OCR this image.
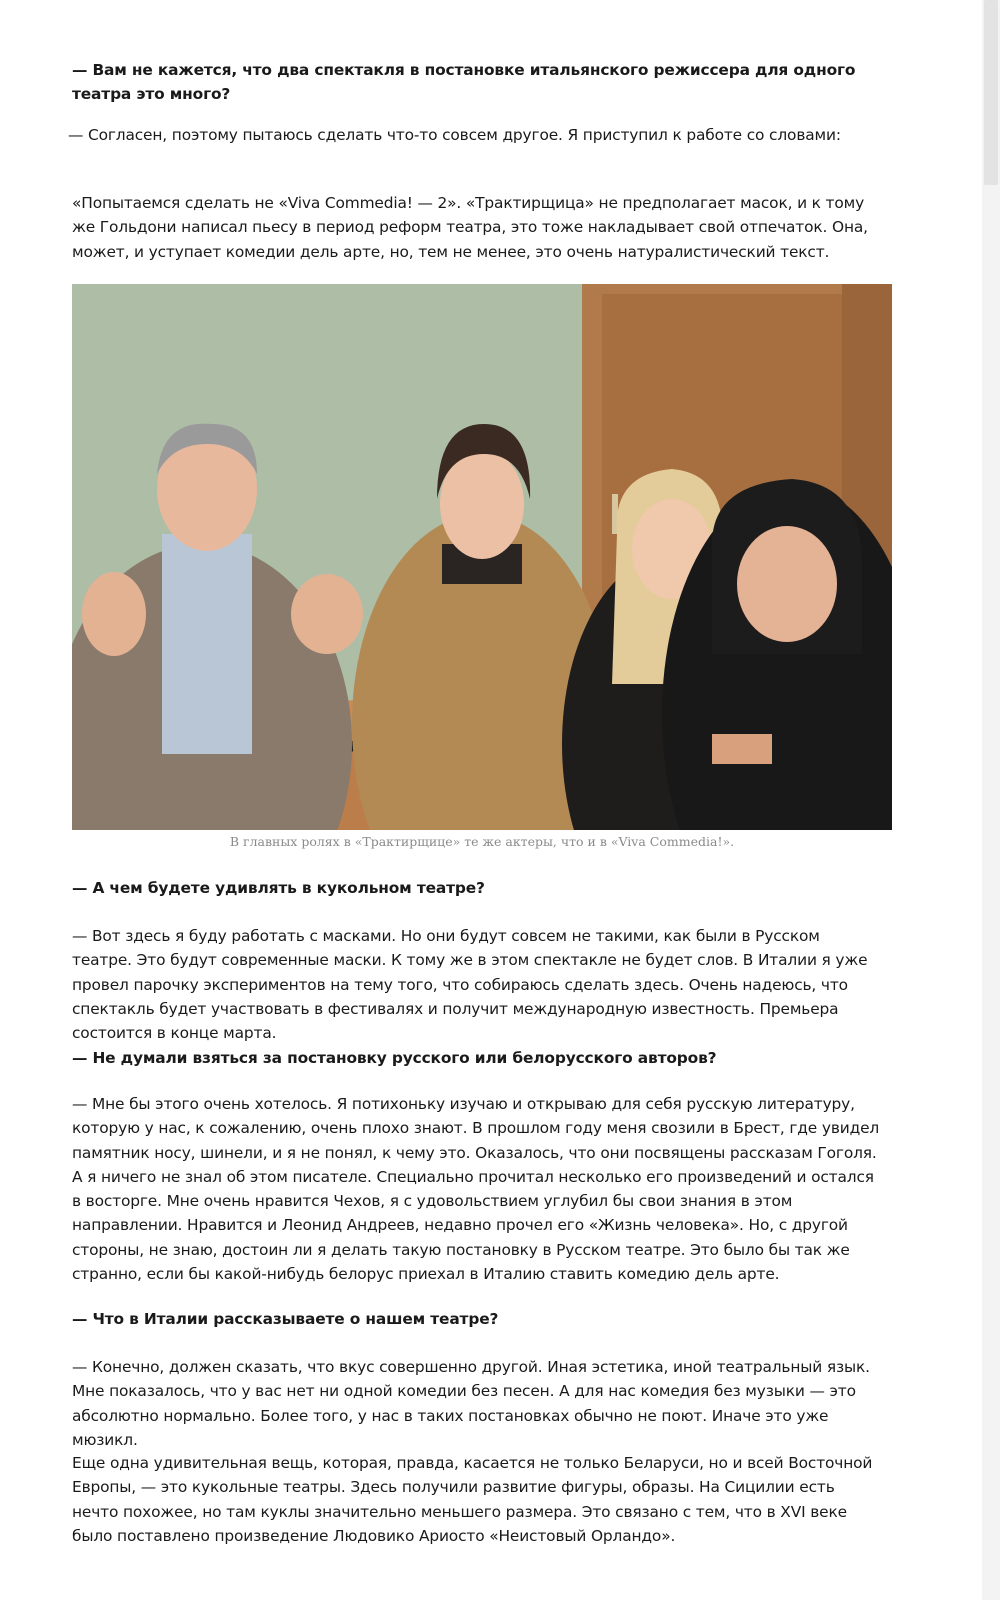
— Вам не кажется, что два спектакля в постановке итальянского режиссера для одного театра это много?

— Согласен, поэтому пытаюсь сделать что-то совсем другое. Я приступил к работе со словами:

«Попытаемся сделать не «Viva Commedia! — 2». «Трактирщица» не предполагает масок, и к тому же Гольдони написал пьесу в период реформ театра, это тоже накладывает свой отпечаток. Она, может, и уступает комедии дель арте, но, тем не менее, это очень натуралистический текст.

В главных ролях в «Трактирщице» те же актеры, что и в «Viva Commedia!».

— А чем будете удивлять в кукольном театре?

— Вот здесь я буду работать с масками. Но они будут совсем не такими, как были в Русском театре. Это будут современные маски. К тому же в этом спектакле не будет слов. В Италии я уже провел парочку экспериментов на тему того, что собираюсь сделать здесь. Очень надеюсь, что спектакль будет участвовать в фестивалях и получит международную известность. Премьера состоится в конце марта.

— Не думали взяться за постановку русского или белорусского авторов?

— Мне бы этого очень хотелось. Я потихоньку изучаю и открываю для себя русскую литературу, которую у нас, к сожалению, очень плохо знают. В прошлом году меня свозили в Брест, где увидел памятник носу, шинели, и я не понял, к чему это. Оказалось, что они посвящены рассказам Гоголя. А я ничего не знал об этом писателе. Специально прочитал несколько его произведений и остался в восторге. Мне очень нравится Чехов, я с удовольствием углубил бы свои знания в этом направлении. Нравится и Леонид Андреев, недавно прочел его «Жизнь человека». Но, с другой стороны, не знаю, достоин ли я делать такую постановку в Русском театре. Это было бы так же странно, если бы какой-нибудь белорус приехал в Италию ставить комедию дель арте.

— Что в Италии рассказываете о нашем театре?

— Конечно, должен сказать, что вкус совершенно другой. Иная эстетика, иной театральный язык. Мне показалось, что у вас нет ни одной комедии без песен. А для нас комедия без музыки — это абсолютно нормально. Более того, у нас в таких постановках обычно не поют. Иначе это уже мюзикл.

Еще одна удивительная вещь, которая, правда, касается не только Беларуси, но и всей Восточной Европы, — это кукольные театры. Здесь получили развитие фигуры, образы. На Сицилии есть нечто похожее, но там куклы значительно меньшего размера. Это связано с тем, что в XVI веке было поставлено произведение Людовико Ариосто «Неистовый Орландо».
